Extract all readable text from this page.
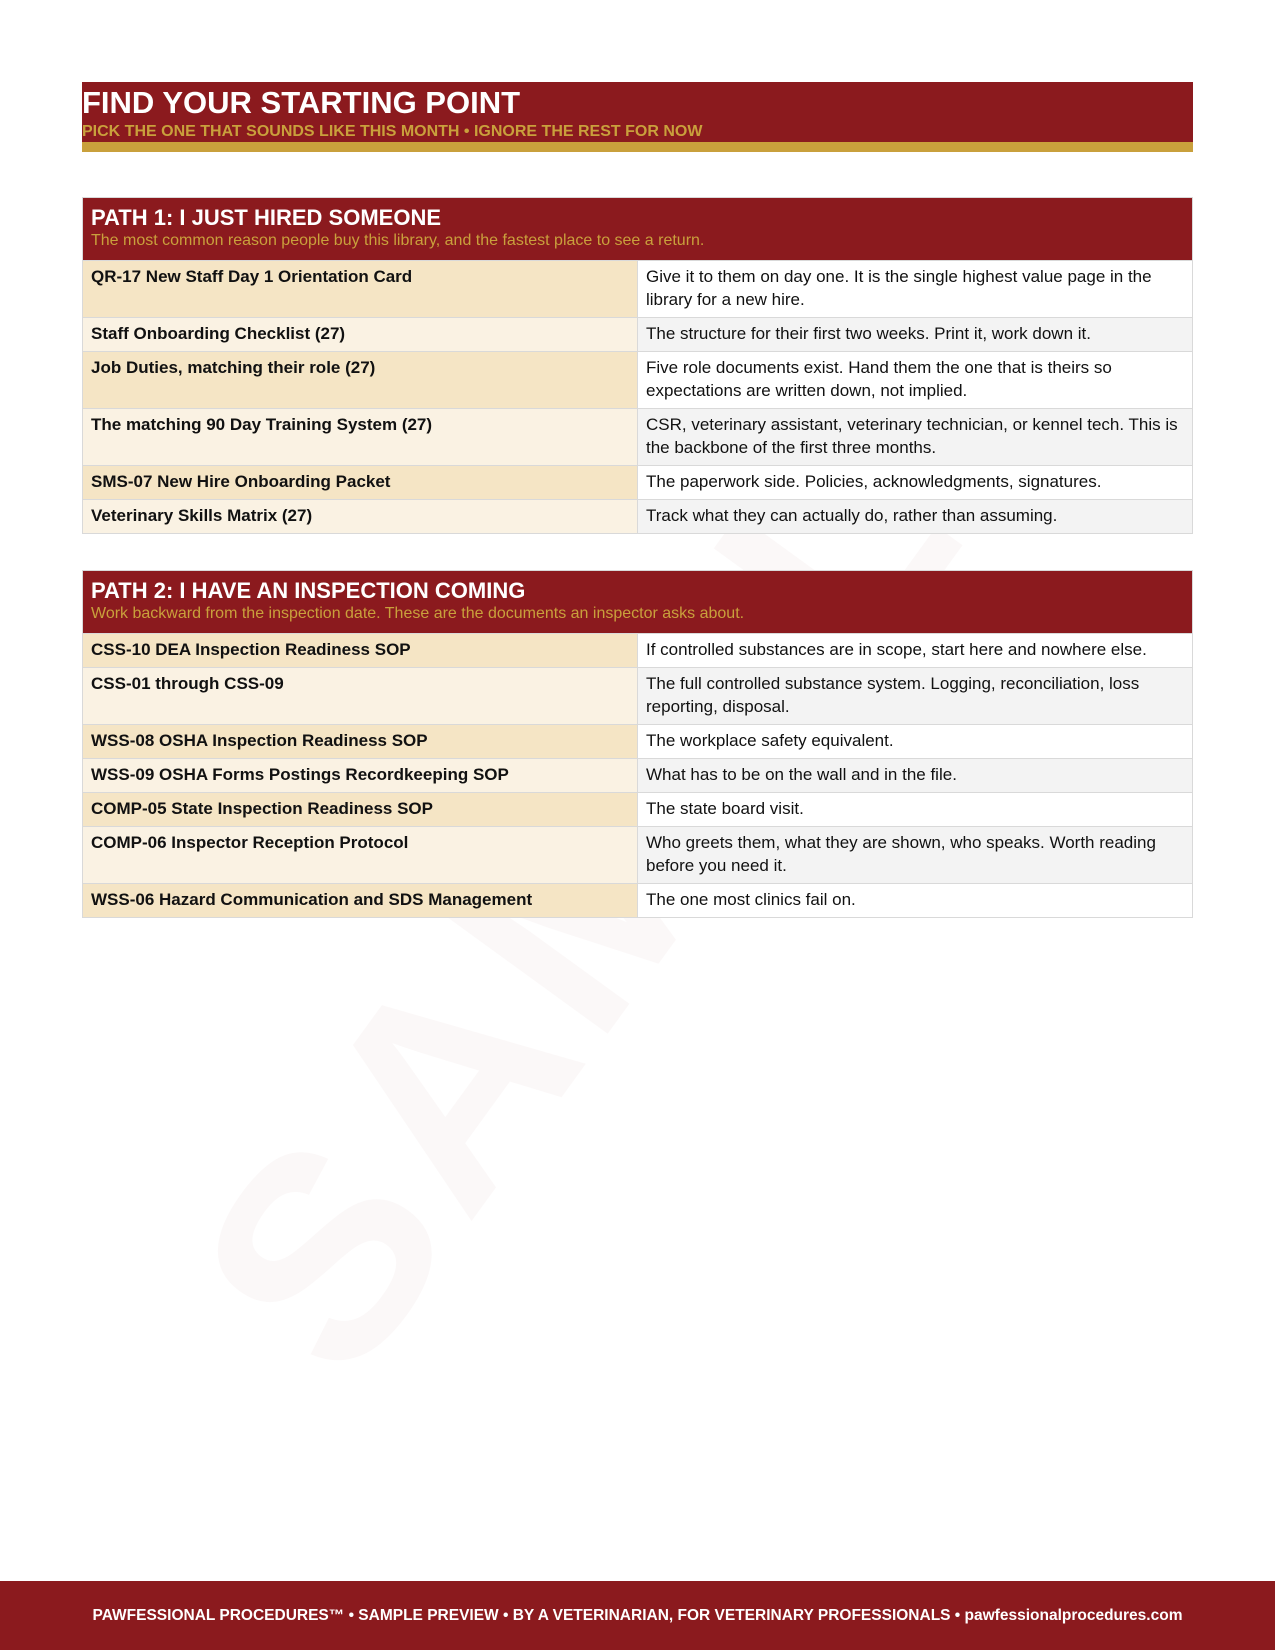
FIND YOUR STARTING POINT
PICK THE ONE THAT SOUNDS LIKE THIS MONTH • IGNORE THE REST FOR NOW
PATH 1: I JUST HIRED SOMEONE
The most common reason people buy this library, and the fastest place to see a return.
QR-17 New Staff Day 1 Orientation Card	Give it to them on day one. It is the single highest value page in the library for a new hire.
Staff Onboarding Checklist (27)	The structure for their first two weeks. Print it, work down it.
Job Duties, matching their role (27)	Five role documents exist. Hand them the one that is theirs so expectations are written down, not implied.
The matching 90 Day Training System (27)	CSR, veterinary assistant, veterinary technician, or kennel tech. This is the backbone of the first three months.
SMS-07 New Hire Onboarding Packet	The paperwork side. Policies, acknowledgments, signatures.
Veterinary Skills Matrix (27)	Track what they can actually do, rather than assuming.
PATH 2: I HAVE AN INSPECTION COMING
Work backward from the inspection date. These are the documents an inspector asks about.
CSS-10 DEA Inspection Readiness SOP	If controlled substances are in scope, start here and nowhere else.
CSS-01 through CSS-09	The full controlled substance system. Logging, reconciliation, loss reporting, disposal.
WSS-08 OSHA Inspection Readiness SOP	The workplace safety equivalent.
WSS-09 OSHA Forms Postings Recordkeeping SOP	What has to be on the wall and in the file.
COMP-05 State Inspection Readiness SOP	The state board visit.
COMP-06 Inspector Reception Protocol	Who greets them, what they are shown, who speaks. Worth reading before you need it.
WSS-06 Hazard Communication and SDS Management	The one most clinics fail on.
PAWFESSIONAL PROCEDURES™ • SAMPLE PREVIEW • BY A VETERINARIAN, FOR VETERINARY PROFESSIONALS • pawfessionalprocedures.com
